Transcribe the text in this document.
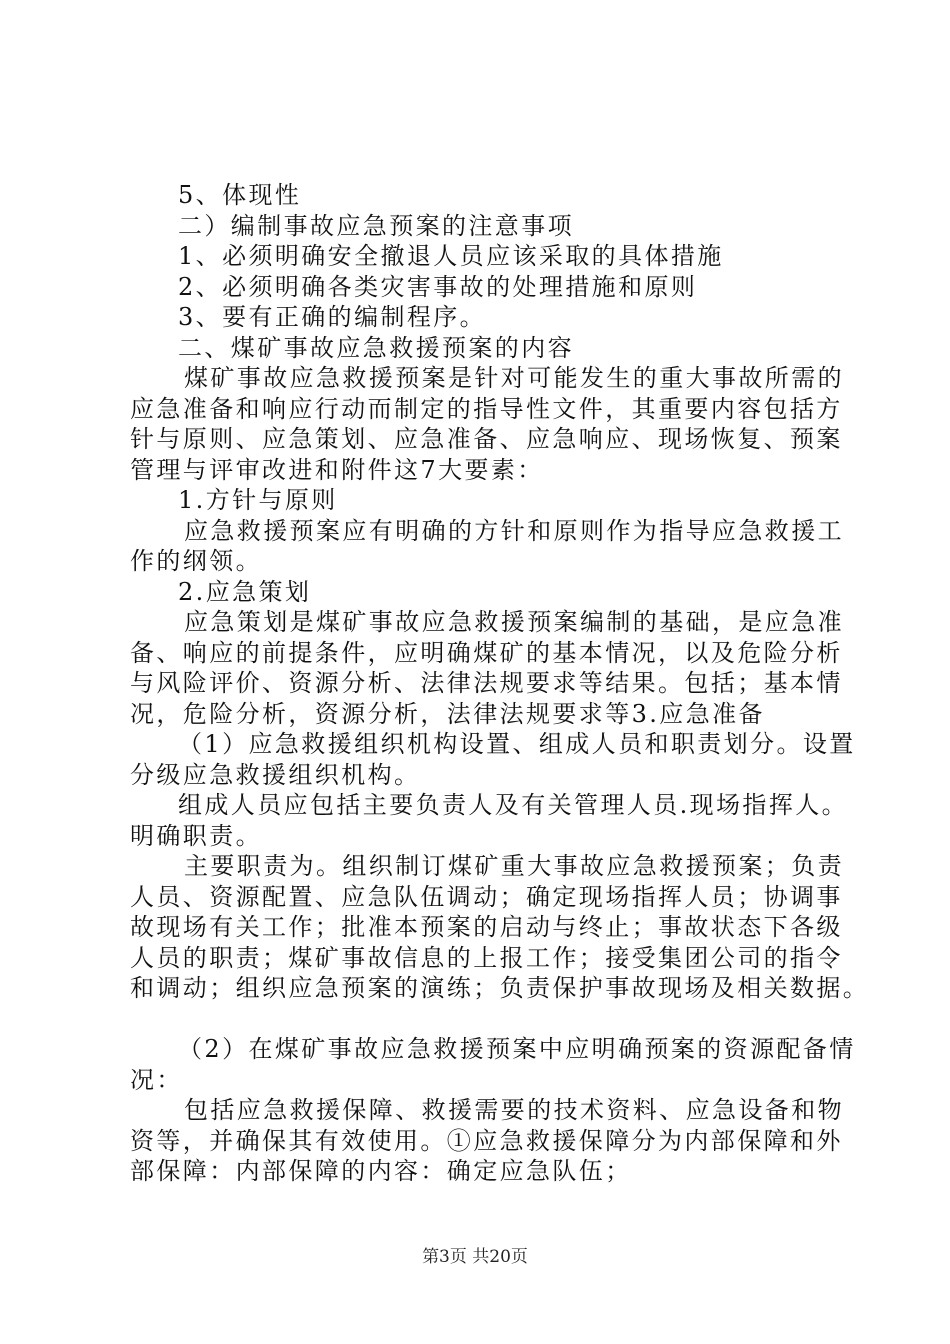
5、体现性
二）编制事故应急预案的注意事项
1、必须明确安全撤退人员应该采取的具体措施
2、必须明确各类灾害事故的处理措施和原则
3、要有正确的编制程序。
二、煤矿事故应急救援预案的内容
煤矿事故应急救援预案是针对可能发生的重大事故所需的
应急准备和响应行动而制定的指导性文件，其重要内容包括方
针与原则、应急策划、应急准备、应急响应、现场恢复、预案
管理与评审改进和附件这7大要素：
1.方针与原则
应急救援预案应有明确的方针和原则作为指导应急救援工
作的纲领。
2.应急策划
应急策划是煤矿事故应急救援预案编制的基础，是应急准
备、响应的前提条件，应明确煤矿的基本情况，以及危险分析
与风险评价、资源分析、法律法规要求等结果。包括；基本情
况，危险分析，资源分析，法律法规要求等3.应急准备
（1）应急救援组织机构设置、组成人员和职责划分。设置
分级应急救援组织机构。
组成人员应包括主要负责人及有关管理人员.现场指挥人。
明确职责。
主要职责为。组织制订煤矿重大事故应急救援预案；负责
人员、资源配置、应急队伍调动；确定现场指挥人员；协调事
故现场有关工作；批准本预案的启动与终止；事故状态下各级
人员的职责；煤矿事故信息的上报工作；接受集团公司的指令
和调动；组织应急预案的演练；负责保护事故现场及相关数据。
（2）在煤矿事故应急救援预案中应明确预案的资源配备情
况：
包括应急救援保障、救援需要的技术资料、应急设备和物
资等，并确保其有效使用。①应急救援保障分为内部保障和外
部保障：内部保障的内容：确定应急队伍；
第3页 共20页
